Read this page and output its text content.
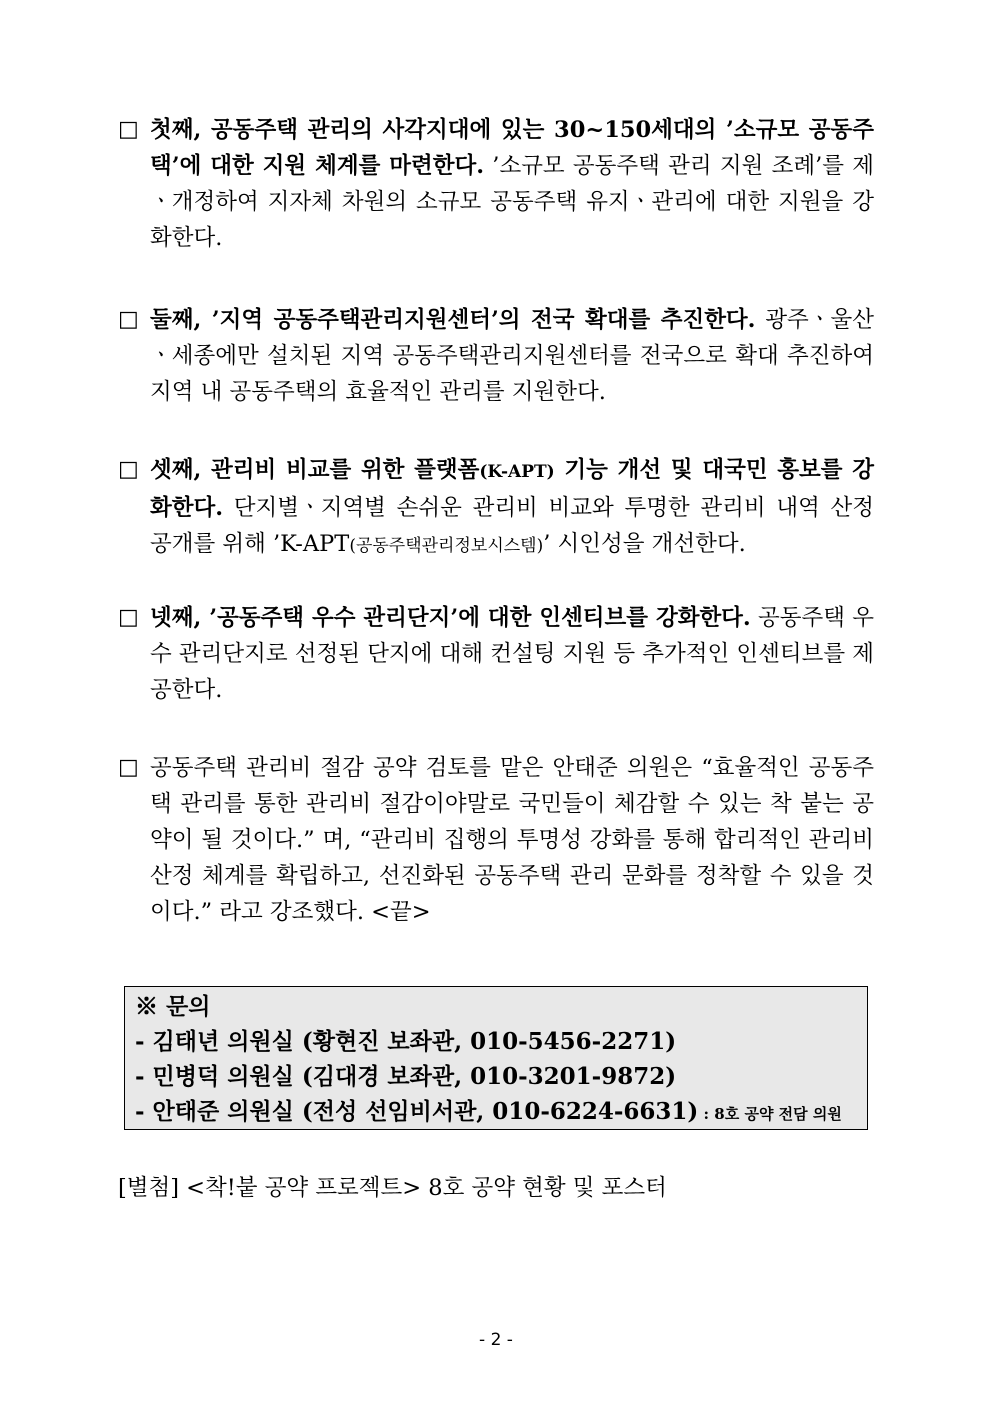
□ 첫째, 공동주택 관리의 사각지대에 있는 30~150세대의 ’소규모 공동주택’에 대한 지원 체계를 마련한다. ’소규모 공동주택 관리 지원 조례’를 제ㆍ개정하여 지자체 차원의 소규모 공동주택 유지ㆍ관리에 대한 지원을 강화한다.
□ 둘째, ’지역 공동주택관리지원센터’의 전국 확대를 추진한다. 광주ㆍ울산ㆍ세종에만 설치된 지역 공동주택관리지원센터를 전국으로 확대 추진하여 지역 내 공동주택의 효율적인 관리를 지원한다.
□ 셋째, 관리비 비교를 위한 플랫폼(K-APT) 기능 개선 및 대국민 홍보를 강화한다. 단지별ㆍ지역별 손쉬운 관리비 비교와 투명한 관리비 내역 산정 공개를 위해 ’K-APT(공동주택관리정보시스템)’ 시인성을 개선한다.
□ 넷째, ’공동주택 우수 관리단지’에 대한 인센티브를 강화한다. 공동주택 우수 관리단지로 선정된 단지에 대해 컨설팅 지원 등 추가적인 인센티브를 제공한다.
□ 공동주택 관리비 절감 공약 검토를 맡은 안태준 의원은 “효율적인 공동주택 관리를 통한 관리비 절감이야말로 국민들이 체감할 수 있는 착 붙는 공약이 될 것이다.” 며, “관리비 집행의 투명성 강화를 통해 합리적인 관리비 산정 체계를 확립하고, 선진화된 공동주택 관리 문화를 정착할 수 있을 것이다.” 라고 강조했다. <끝>
※ 문의
- 김태년 의원실 (황현진 보좌관, 010-5456-2271)
- 민병덕 의원실 (김대경 보좌관, 010-3201-9872)
- 안태준 의원실 (전성 선임비서관, 010-6224-6631) : 8호 공약 전담 의원
[별첨] <착!붙 공약 프로젝트> 8호 공약 현황 및 포스터
- 2 -
